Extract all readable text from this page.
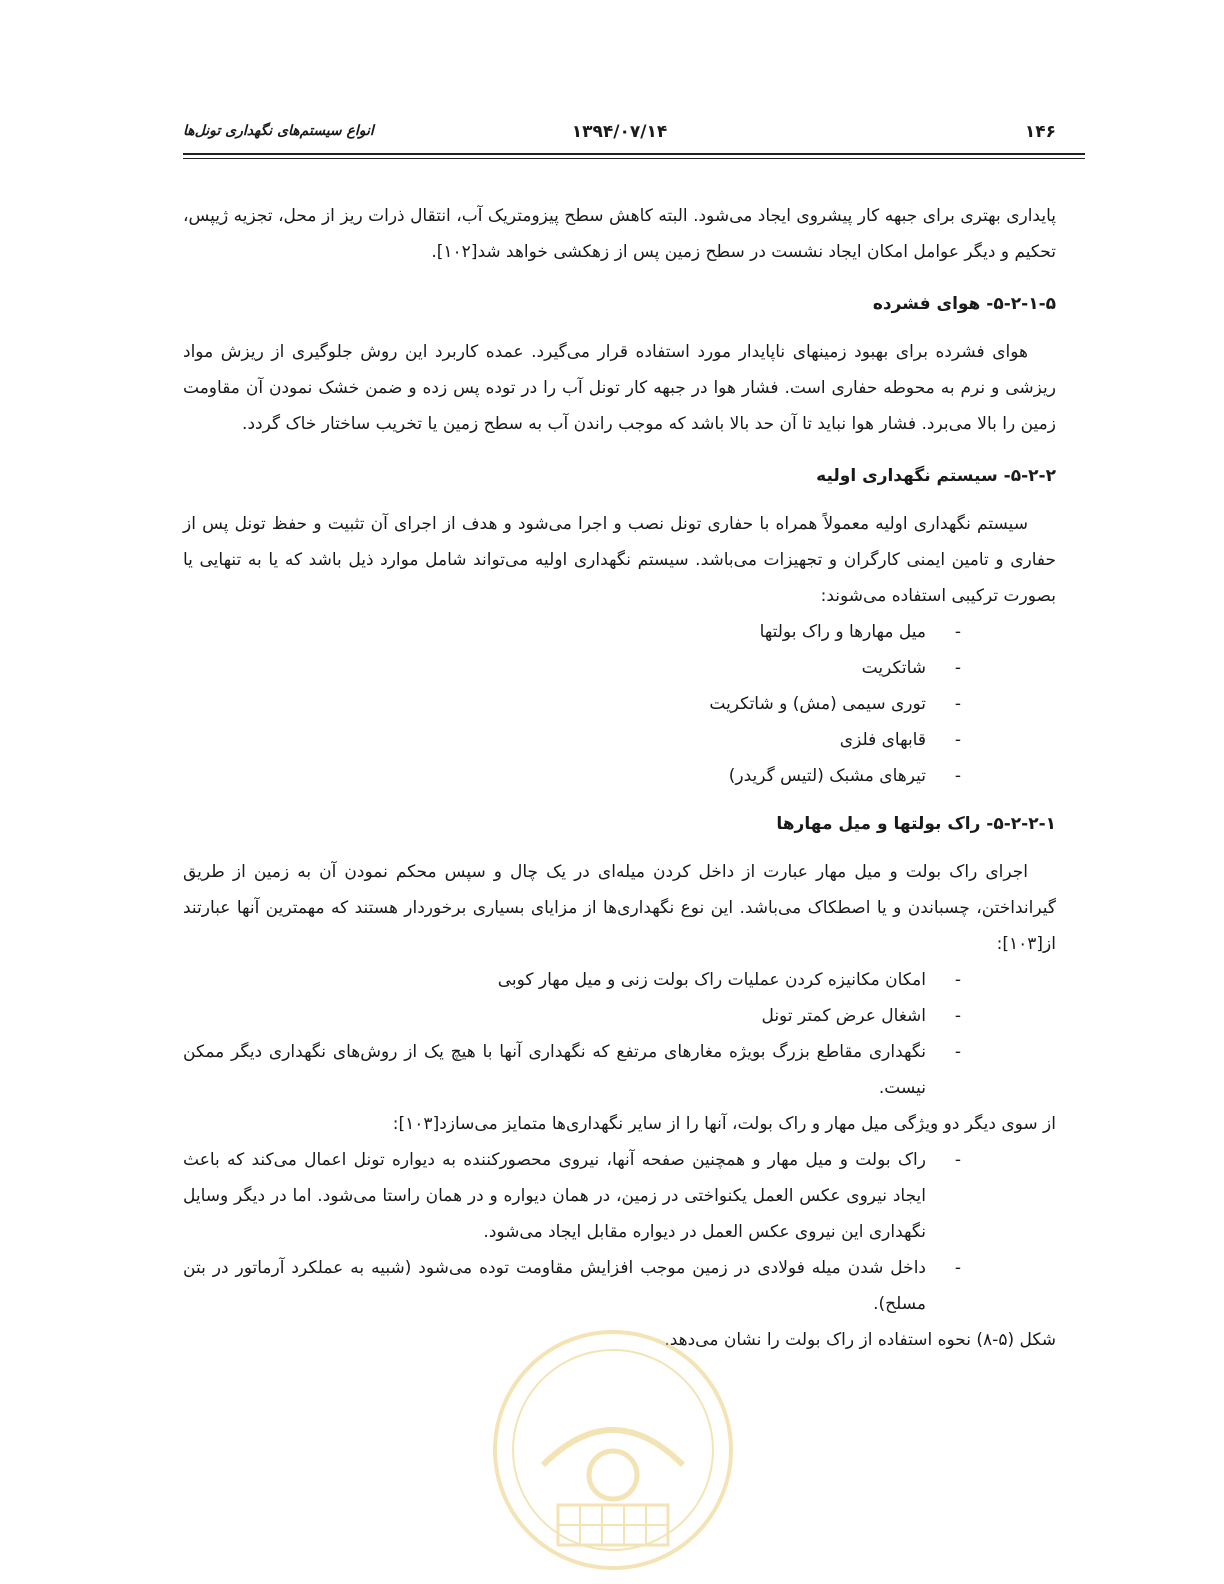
۱۴۶
۱۳۹۴/۰۷/۱۴
انواع سیستم‌های نگهداری تونل‌ها

پایداری بهتری برای جبهه کار پیشروی ایجاد می‌شود. البته کاهش سطح پیزومتریک آب، انتقال ذرات ریز از محل، تجزیه ژیپس، تحکیم و دیگر عوامل امکان ایجاد نشست در سطح زمین پس از زهکشی خواهد شد[۱۰۲].

۵-۲-۱-۵- هوای فشرده

هوای فشرده برای بهبود زمینهای ناپایدار مورد استفاده قرار می‌گیرد. عمده کاربرد این روش جلوگیری از ریزش مواد ریزشی و نرم به محوطه حفاری است. فشار هوا در جبهه کار تونل آب را در توده پس زده و ضمن خشک نمودن آن مقاومت زمین را بالا می‌برد. فشار هوا نباید تا آن حد بالا باشد که موجب راندن آب به سطح زمین یا تخریب ساختار خاک گردد.

۵-۲-۲- سیستم نگهداری اولیه

سیستم نگهداری اولیه معمولاً همراه با حفاری تونل نصب و اجرا می‌شود و هدف از اجرای آن تثبیت و حفظ تونل پس از حفاری و تامین ایمنی کارگران و تجهیزات می‌باشد. سیستم نگهداری اولیه می‌تواند شامل موارد ذیل باشد که یا به تنهایی یا بصورت ترکیبی استفاده می‌شوند:

-
میل مهارها و راک بولتها
-
شاتکریت
-
توری سیمی (مش) و شاتکریت
-
قابهای فلزی
-
تیرهای مشبک (لتیس گریدر)

۵-۲-۲-۱- راک بولتها و میل مهارها

اجرای راک بولت و میل مهار عبارت از داخل کردن میله‌ای در یک چال و سپس محکم نمودن آن به زمین از طریق گیرانداختن، چسباندن و یا اصطکاک می‌باشد. این نوع نگهداری‌ها از مزایای بسیاری برخوردار هستند که مهمترین آنها عبارتند از[۱۰۳]:

-
امکان مکانیزه کردن عملیات راک بولت زنی و میل مهار کوبی
-
اشغال عرض کمتر تونل
-
نگهداری مقاطع بزرگ بویژه مغارهای مرتفع که نگهداری آنها با هیچ یک از روش‌های نگهداری دیگر ممکن نیست.

از سوی دیگر دو ویژگی میل مهار و راک بولت، آنها را از سایر نگهداری‌ها متمایز می‌سازد[۱۰۳]:

-
راک بولت و میل مهار و همچنین صفحه آنها، نیروی محصورکننده به دیواره تونل اعمال می‌کند که باعث ایجاد نیروی عکس العمل یکنواختی در زمین، در همان دیواره و در همان راستا می‌شود. اما در دیگر وسایل نگهداری این نیروی عکس العمل در دیواره مقابل ایجاد می‌شود.
-
داخل شدن میله فولادی در زمین موجب افزایش مقاومت توده می‌شود (شبیه به عملکرد آرماتور در بتن مسلح).

شکل (۵-۸) نحوه استفاده از راک بولت را نشان می‌دهد.
